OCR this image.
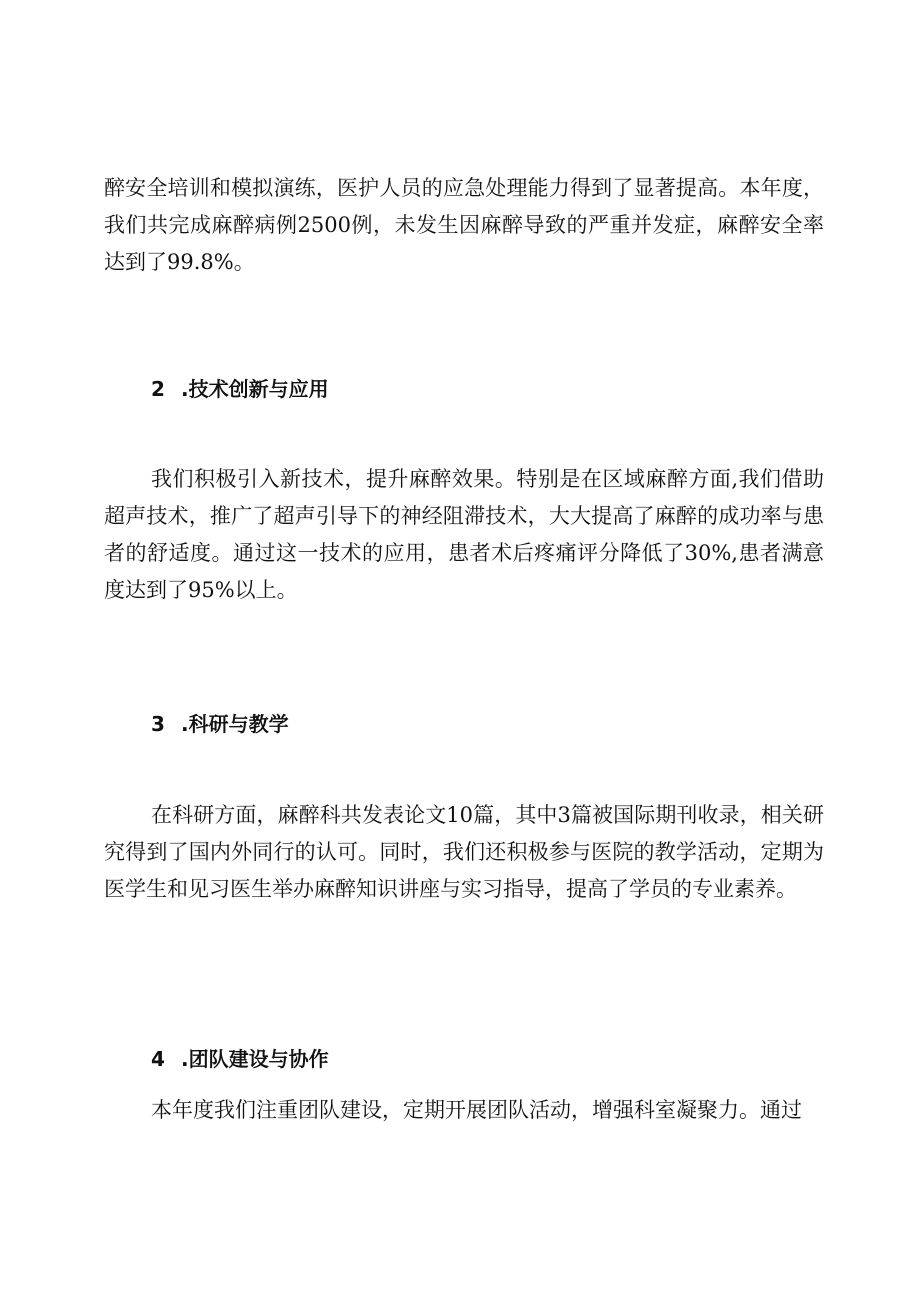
醉安全培训和模拟演练，医护人员的应急处理能力得到了显著提高。本年度，我们共完成麻醉病例2500例，未发生因麻醉导致的严重并发症，麻醉安全率达到了99.8%。

2 .技术创新与应用

我们积极引入新技术，提升麻醉效果。特别是在区域麻醉方面,我们借助超声技术，推广了超声引导下的神经阻滞技术，大大提高了麻醉的成功率与患者的舒适度。通过这一技术的应用，患者术后疼痛评分降低了30%,患者满意度达到了95%以上。

3 .科研与教学

在科研方面，麻醉科共发表论文10篇，其中3篇被国际期刊收录，相关研究得到了国内外同行的认可。同时，我们还积极参与医院的教学活动，定期为医学生和见习医生举办麻醉知识讲座与实习指导，提高了学员的专业素养。

4 .团队建设与协作

本年度我们注重团队建设，定期开展团队活动，增强科室凝聚力。通过
